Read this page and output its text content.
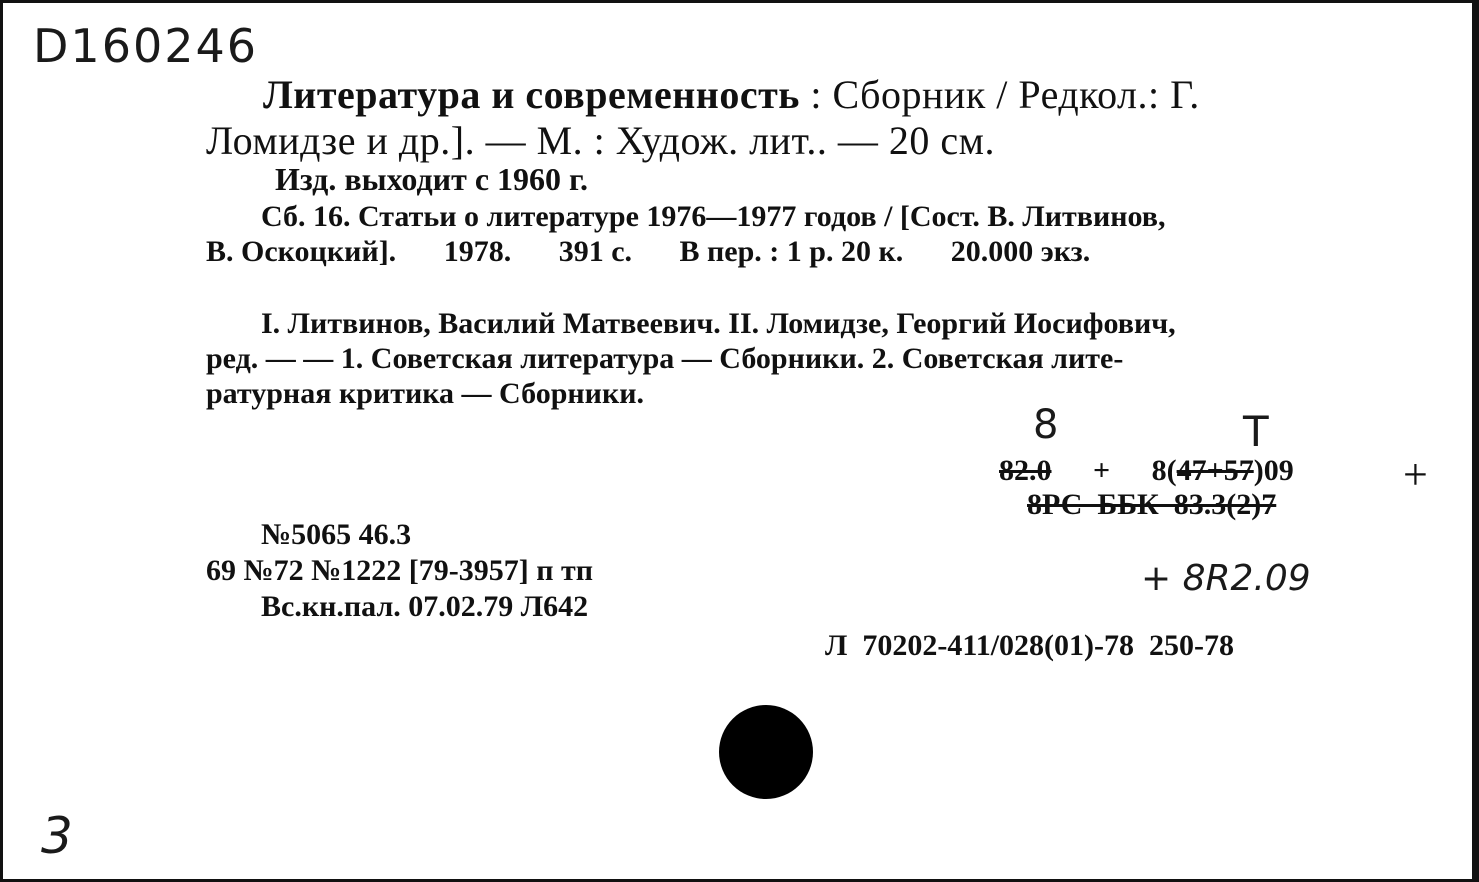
D160246
Литература и современность : Сборник / Редкол.: Г.
Ломидзе и др.]. — М. : Худож. лит.. — 20 см.
Изд. выходит с 1960 г.
Сб. 16. Статьи о литературе 1976—1977 годов / [Сост. В. Литвинов,
В. Оскоцкий]. 1978. 391 с. В пер. : 1 р. 20 к. 20.000 экз.
I. Литвинов, Василий Матвеевич. II. Ломидзе, Георгий Иосифович,
ред. — — 1. Советская литература — Сборники. 2. Советская лите-
ратурная критика — Сборники.
8	Т
82.0 + 8(47+57)09 +
8РС  ББК  83.3(2)7
№5065 46.3
69 №72 №1222 [79-3957] п тп
Вс.кн.пал. 07.02.79 Л642
+ 8R2.09
Л  70202-411/028(01)-78  250-78
3
